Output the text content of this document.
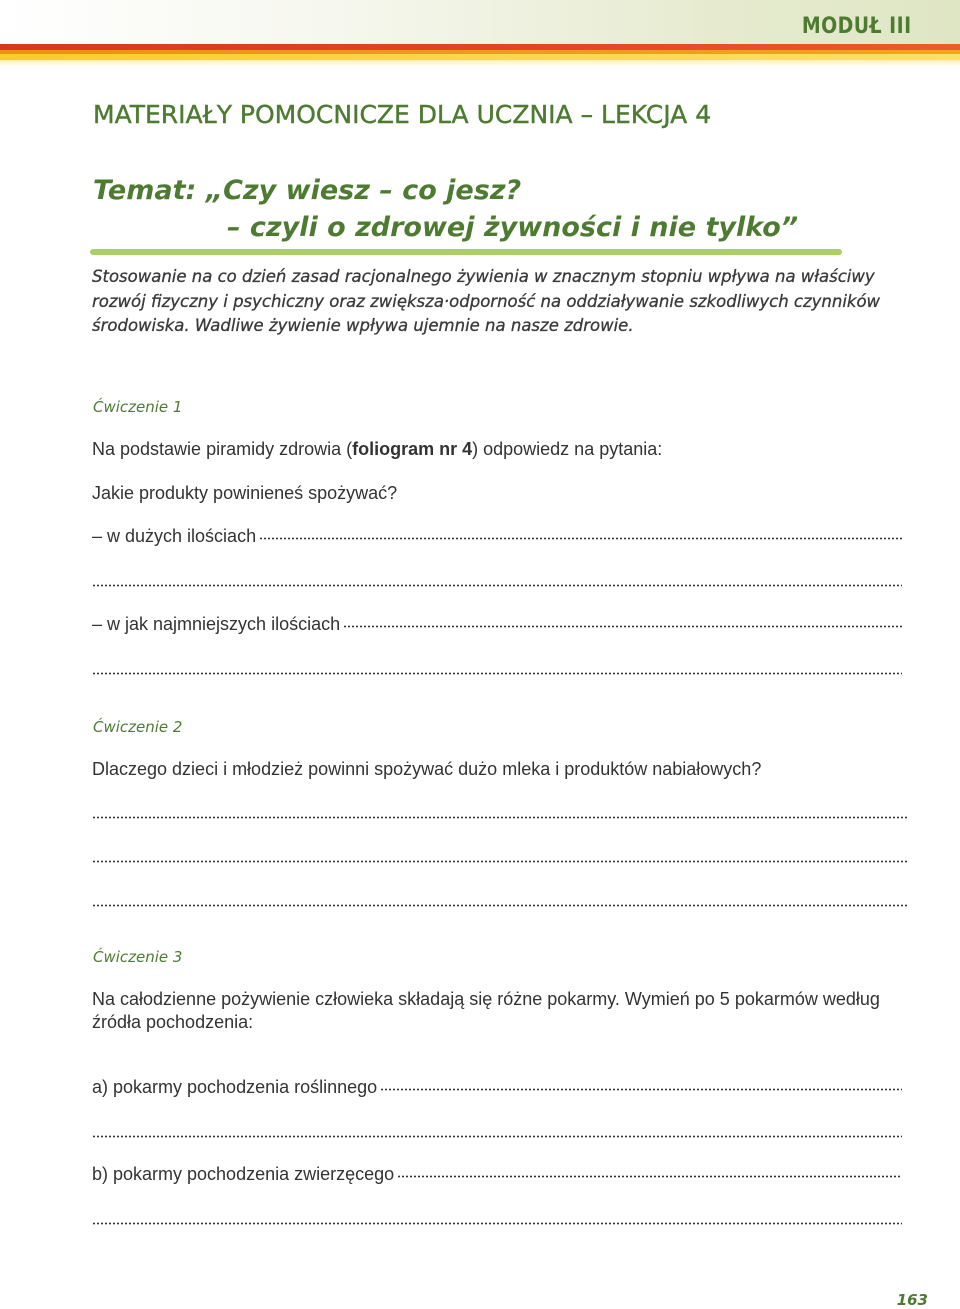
MODUŁ III
MATERIAŁY POMOCNICZE DLA UCZNIA – LEKCJA 4
Temat: „Czy wiesz – co jesz?
– czyli o zdrowej żywności i nie tylko”

Stosowanie na co dzień zasad racjonalnego żywienia w znacznym stopniu wpływa na właściwy rozwój fizyczny i psychiczny oraz zwiększa·odporność na oddziaływanie szkodliwych czynników środowiska. Wadliwe żywienie wpływa ujemnie na nasze zdrowie.

Ćwiczenie 1

Na podstawie piramidy zdrowia (foliogram nr 4) odpowiedz na pytania:

Jakie produkty powinieneś spożywać?

– w dużych ilościach
– w jak najmniejszych ilościach

Ćwiczenie 2

Dlaczego dzieci i młodzież powinni spożywać dużo mleka i produktów nabiałowych?

Ćwiczenie 3

Na całodzienne pożywienie człowieka składają się różne pokarmy. Wymień po 5 pokarmów według źródła pochodzenia:

a) pokarmy pochodzenia roślinnego
b) pokarmy pochodzenia zwierzęcego
163
